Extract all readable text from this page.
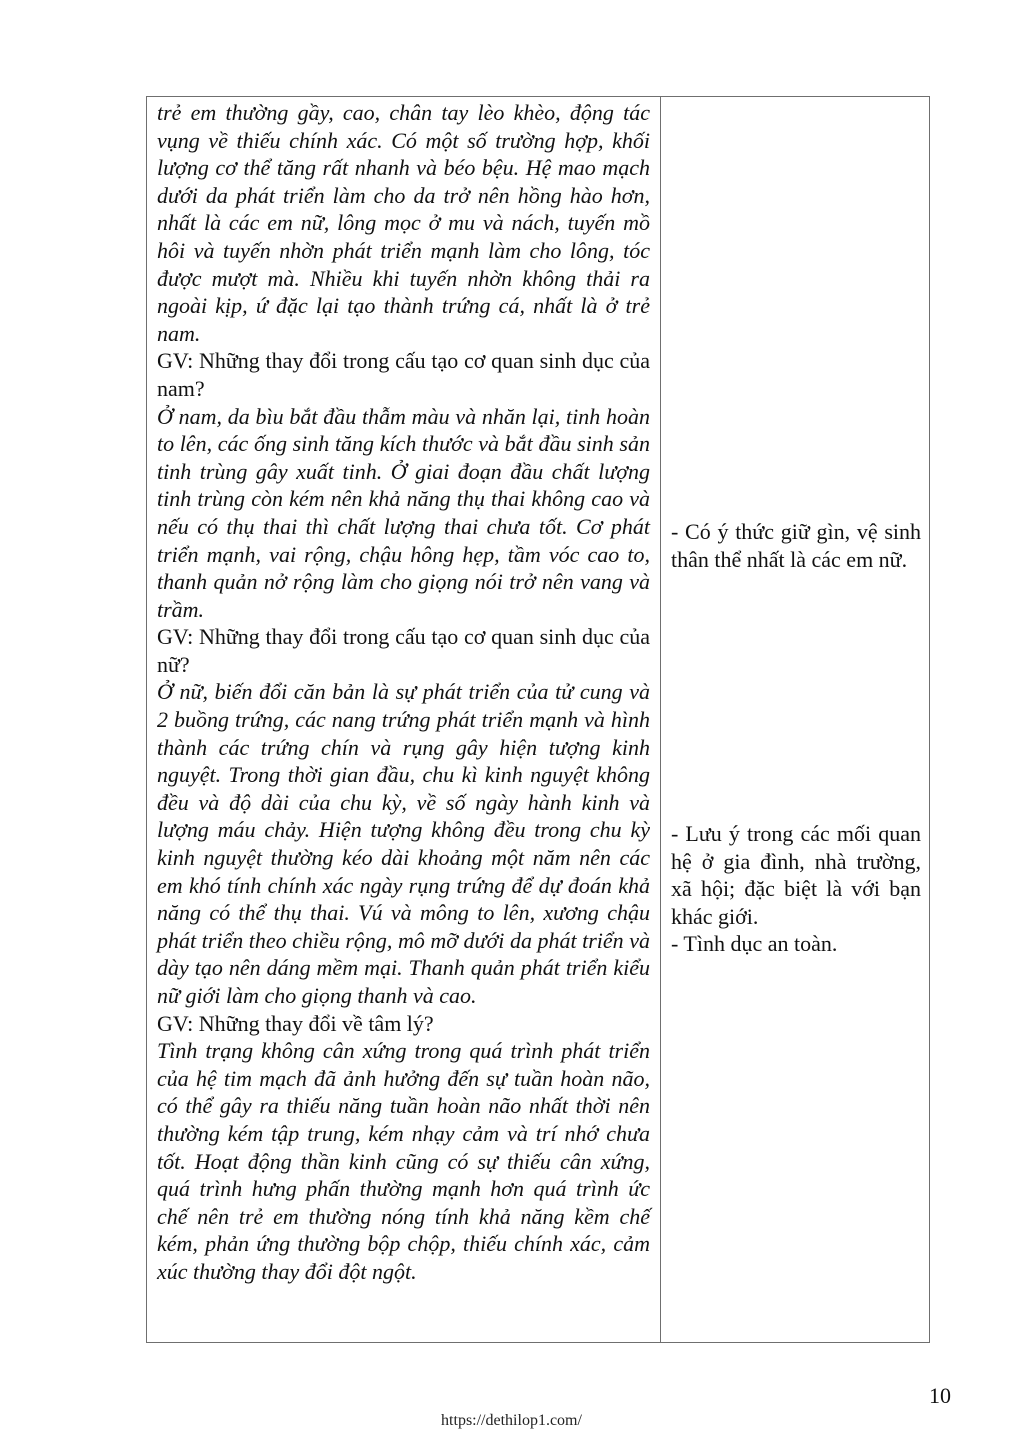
trẻ em thường gầy, cao, chân tay lèo khèo, động tác vụng về thiếu chính xác. Có một số trường hợp, khối lượng cơ thể tăng rất nhanh và béo bệu. Hệ mao mạch dưới da phát triển làm cho da trở nên hồng hào hơn, nhất là các em nữ, lông mọc ở mu và nách, tuyến mồ hôi và tuyến nhờn phát triển mạnh làm cho lông, tóc được mượt mà. Nhiều khi tuyến nhờn không thải ra ngoài kịp, ứ đặc lại tạo thành trứng cá, nhất là ở trẻ nam.

GV: Những thay đổi trong cấu tạo cơ quan sinh dục của nam?

Ở nam, da bìu bắt đầu thẫm màu và nhăn lại, tinh hoàn to lên, các ống sinh tăng kích thước và bắt đầu sinh sản tinh trùng gây xuất tinh. Ở giai đoạn đầu chất lượng tinh trùng còn kém nên khả năng thụ thai không cao và nếu có thụ thai thì chất lượng thai chưa tốt. Cơ phát triển mạnh, vai rộng, chậu hông hẹp, tầm vóc cao to, thanh quản nở rộng làm cho giọng nói trở nên vang và trầm.

GV: Những thay đổi trong cấu tạo cơ quan sinh dục của nữ?

Ở nữ, biến đổi căn bản là sự phát triển của tử cung và 2 buồng trứng, các nang trứng phát triển mạnh và hình thành các trứng chín và rụng gây hiện tượng kinh nguyệt. Trong thời gian đầu, chu kì kinh nguyệt không đều và độ dài của chu kỳ, về số ngày hành kinh và lượng máu chảy. Hiện tượng không đều trong chu kỳ kinh nguyệt thường kéo dài khoảng một năm nên các em khó tính chính xác ngày rụng trứng để dự đoán khả năng có thể thụ thai. Vú và mông to lên, xương chậu phát triển theo chiều rộng, mô mỡ dưới da phát triển và dày tạo nên dáng mềm mại. Thanh quản phát triển kiểu nữ giới làm cho giọng thanh và cao.

GV: Những thay đổi về tâm lý?

Tình trạng không cân xứng trong quá trình phát triển của hệ tim mạch đã ảnh hưởng đến sự tuần hoàn não, có thể gây ra thiếu năng tuần hoàn não nhất thời nên thường kém tập trung, kém nhạy cảm và trí nhớ chưa tốt. Hoạt động thần kinh cũng có sự thiếu cân xứng, quá trình hưng phấn thường mạnh hơn quá trình ức chế nên trẻ em thường nóng tính khả năng kềm chế kém, phản ứng thường bộp chộp, thiếu chính xác, cảm xúc thường thay đổi đột ngột.

- Có ý thức giữ gìn, vệ sinh thân thể nhất là các em nữ.

- Lưu ý trong các mối quan hệ ở gia đình, nhà trường, xã hội; đặc biệt là với bạn khác giới.

- Tình dục an toàn.

10
https://dethilop1.com/
